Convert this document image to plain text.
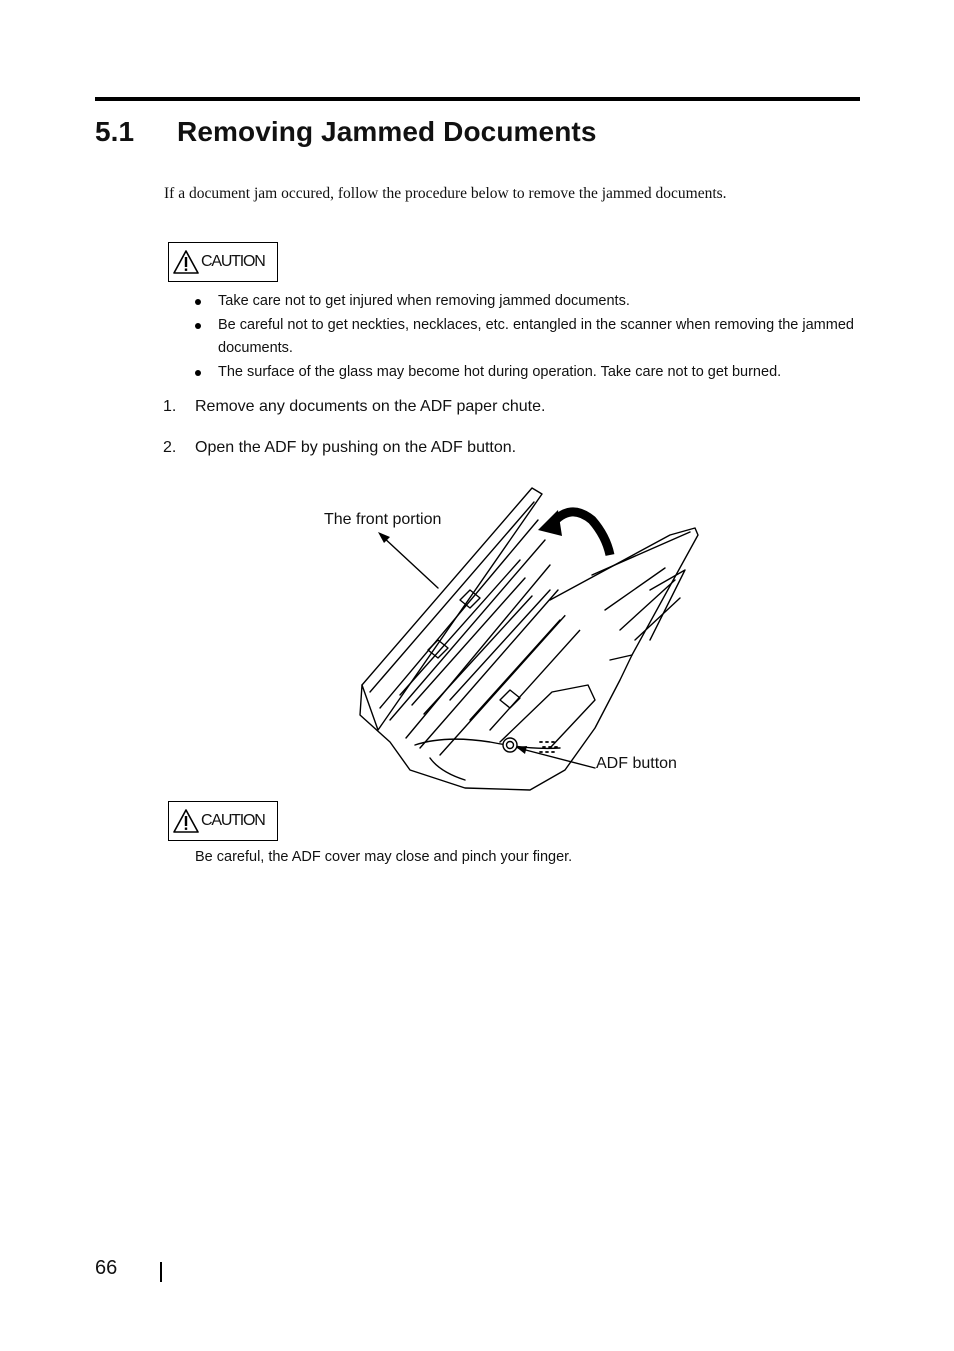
5.1 Removing Jammed Documents

If a document jam occured, follow the procedure below to remove the jammed documents.

CAUTION
Take care not to get injured when removing jammed documents.
Be careful not to get neckties, necklaces, etc. entangled in the scanner when removing the jammed documents.
The surface of the glass may become hot during operation. Take care not to get burned.
1. Remove any documents on the ADF paper chute.
2. Open the ADF by pushing on the ADF button.
The front portion
ADF button
CAUTION
Be careful, the ADF cover may close and pinch your finger.
66
